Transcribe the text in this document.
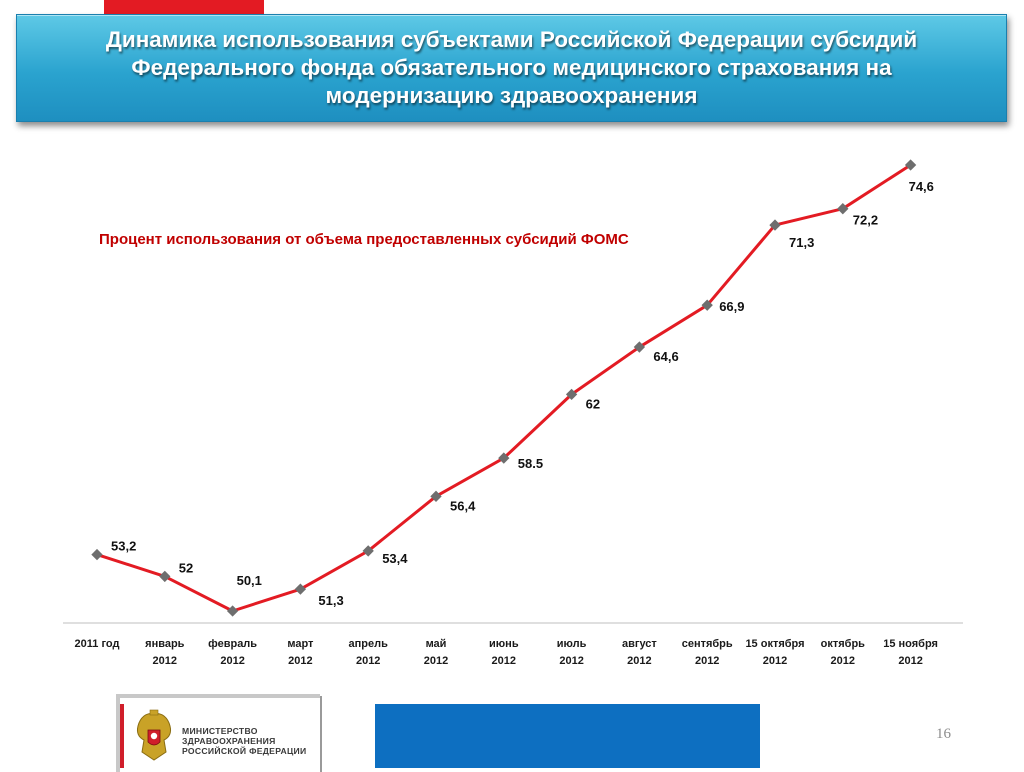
Динамика использования субъектами Российской Федерации субсидий Федерального фонда обязательного медицинского страхования на модернизацию здравоохранения

Процент использования от объема предоставленных субсидий ФОМС

2011 год январь
2012
февраль
2012
март
2012
апрель
2012
май
2012
июнь
2012
июль
2012
август
2012
сентябрь
2012
15 октября
2012
октябрь
2012
15 ноября
2012
53,2
52
50,1
51,3
53,4
56,4
58.5
62
64,6
66,9
71,3
72,2
74,6
МИНИСТЕРСТВО
ЗДРАВООХРАНЕНИЯ
РОССИЙСКОЙ ФЕДЕРАЦИИ
16
